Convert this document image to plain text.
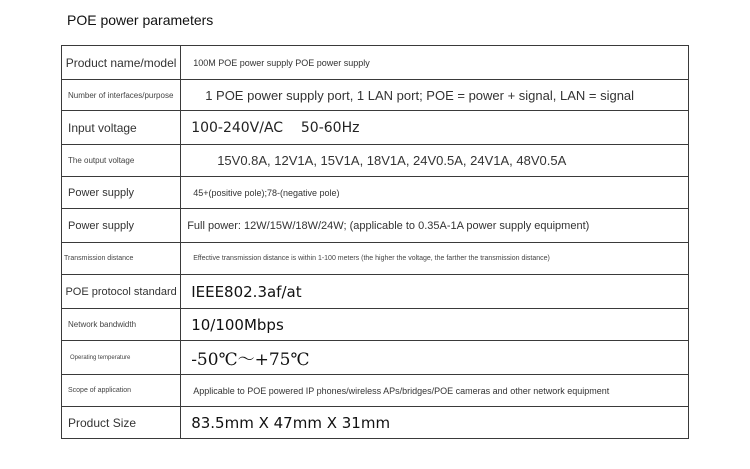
POE power parameters
Product name/model	100M POE power supply POE power supply
Number of interfaces/purpose	1 POE power supply port, 1 LAN port; POE = power + signal, LAN = signal
Input voltage	100-240V/AC    50-60Hz
The output voltage	15V0.8A, 12V1A, 15V1A, 18V1A, 24V0.5A, 24V1A, 48V0.5A
Power supply	45+(positive pole);78-(negative pole)
Power supply	Full power: 12W/15W/18W/24W; (applicable to 0.35A-1A power supply equipment)
Transmission distance	Effective transmission distance is within 1-100 meters (the higher the voltage, the farther the transmission distance)
POE protocol standard	IEEE802.3af/at
Network bandwidth	10/100Mbps
Operating temperature	-50℃～+75℃
Scope of application	Applicable to POE powered IP phones/wireless APs/bridges/POE cameras and other network equipment
Product Size	83.5mm X 47mm X 31mm
